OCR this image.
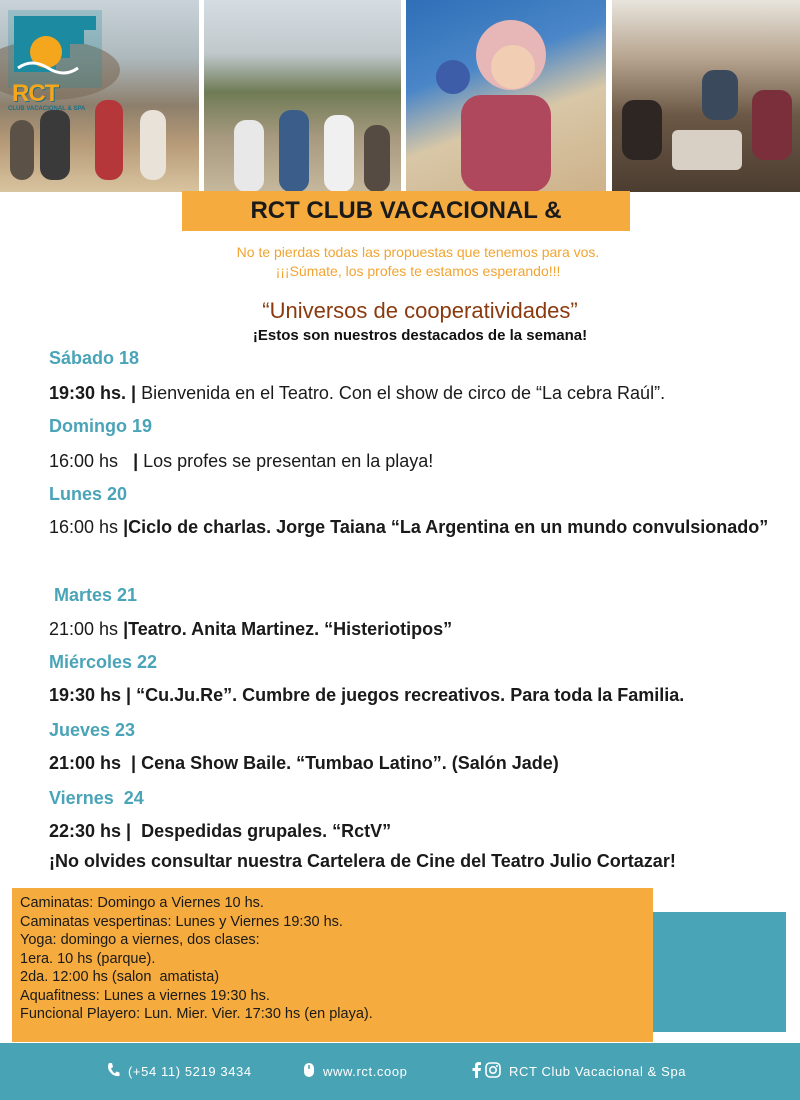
RCT
CLUB VACACIONAL & SPA
RCT CLUB VACACIONAL &
No te pierdas todas las propuestas que tenemos para vos.
¡¡¡Súmate, los profes te estamos esperando!!!
“Universos de cooperatividades”
¡Estos son nuestros destacados de la semana!
Sábado 18
19:30 hs. | Bienvenida en el Teatro. Con el show de circo de “La cebra Raúl”.
Domingo 19
16:00 hs   | Los profes se presentan en la playa!
Lunes 20
16:00 hs |Ciclo de charlas. Jorge Taiana “La Argentina en un mundo convulsionado”
Martes 21
21:00 hs |Teatro. Anita Martinez. “Histeriotipos”
Miércoles 22
19:30 hs | “Cu.Ju.Re”. Cumbre de juegos recreativos. Para toda la Familia.
Jueves 23
21:00 hs  | Cena Show Baile. “Tumbao Latino”. (Salón Jade)
Viernes  24
22:30 hs |  Despedidas grupales. “RctV”
¡No olvides consultar nuestra Cartelera de Cine del Teatro Julio Cortazar!
Caminatas: Domingo a Viernes 10 hs.
Caminatas vespertinas: Lunes y Viernes 19:30 hs.
Yoga: domingo a viernes, dos clases:
1era. 10 hs (parque).
2da. 12:00 hs (salon  amatista)
Aquafitness: Lunes a viernes 19:30 hs.
Funcional Playero: Lun. Mier. Vier. 17:30 hs (en playa).
(+54 11) 5219 3434	www.rct.coop	RCT Club Vacacional & Spa
